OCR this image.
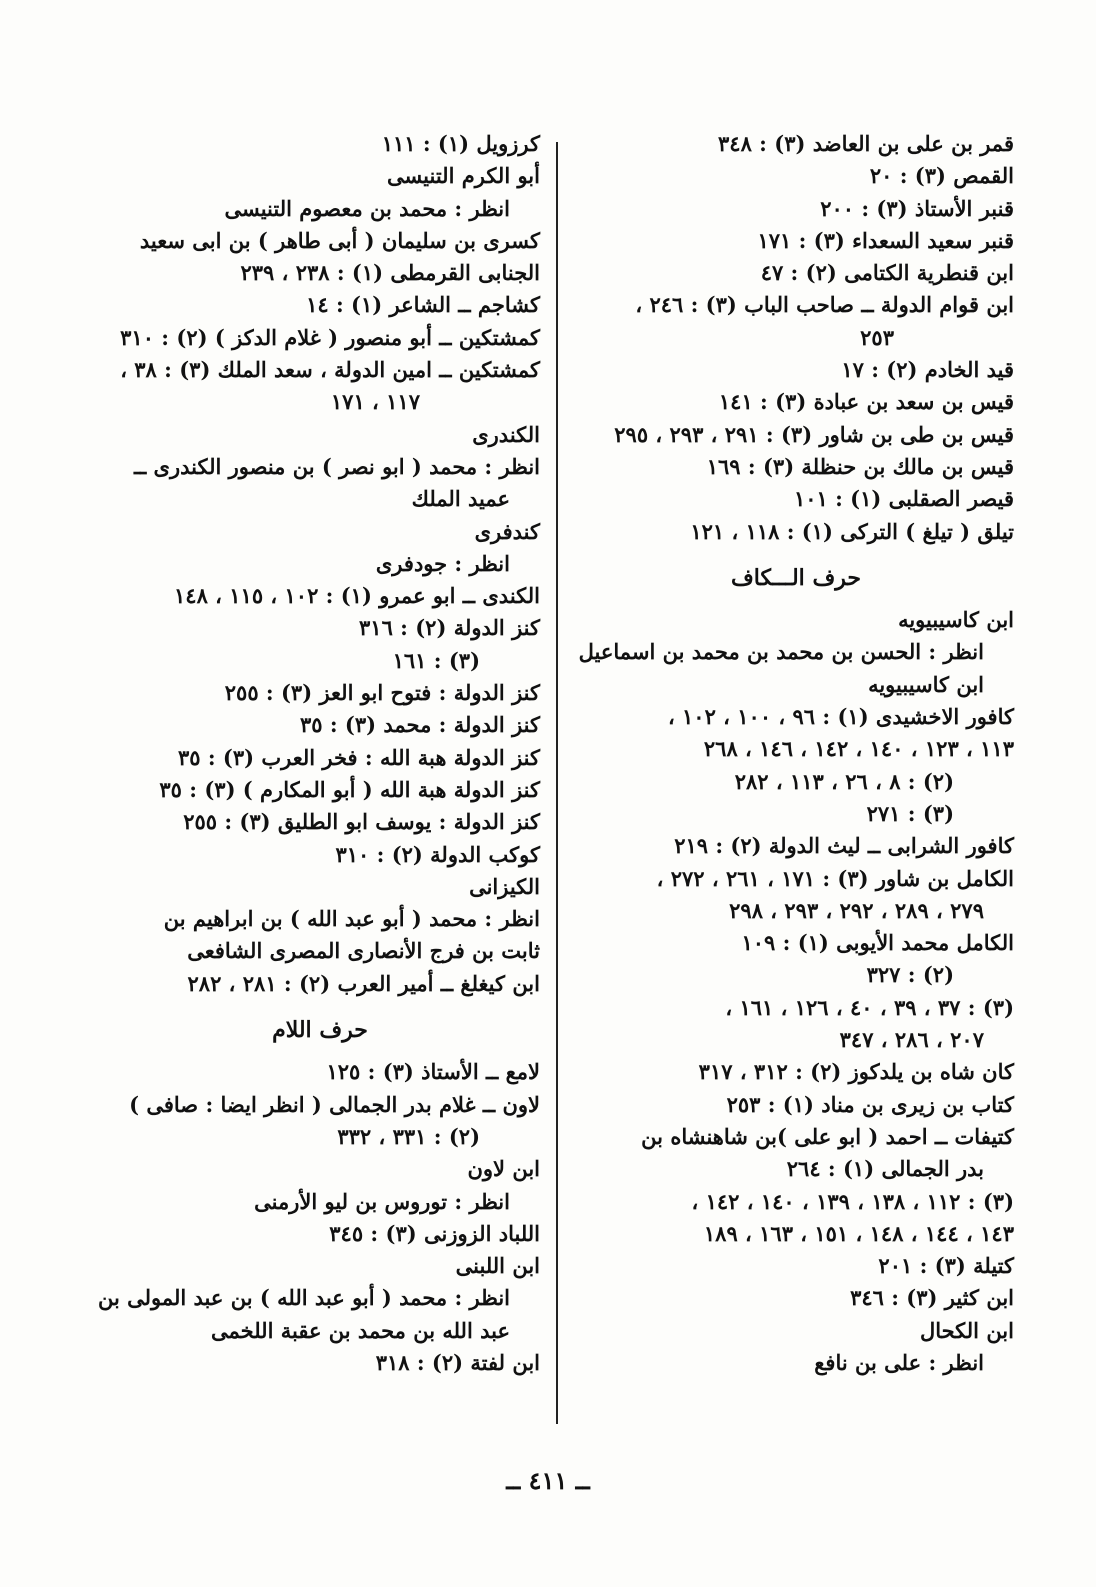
قمر بن على بن العاضد (٣) : ٣٤٨
القمص (٣) : ٢٠
قنبر الأستاذ (٣) : ٢٠٠
قنبر سعيد السعداء (٣) : ١٧١
ابن قنطرية الكتامى (٢) : ٤٧
ابن قوام الدولة ــ صاحب الباب (٣) : ٢٤٦ ،
٢٥٣
قيد الخادم (٢) : ١٧
قيس بن سعد بن عبادة (٣) : ١٤١
قيس بن طى بن شاور (٣) : ٢٩١ ، ٢٩٣ ، ٢٩٥
قيس بن مالك بن حنظلة (٣) : ١٦٩
قيصر الصقلبى (١) : ١٠١
تيلق ( تيلغ ) التركى (١) : ١١٨ ، ١٢١
حرف الـــكاف
ابن كاسيبيويه
انظر : الحسن بن محمد بن محمد بن اسماعيل
ابن كاسيبيويه
كافور الاخشيدى (١) : ٩٦ ، ١٠٠ ، ١٠٢ ،
١١٣ ، ١٢٣ ، ١٤٠ ، ١٤٢ ، ١٤٦ ، ٢٦٨
(٢) : ٨ ، ٢٦ ، ١١٣ ، ٢٨٢
(٣) : ٢٧١
كافور الشرابى ــ ليث الدولة (٢) : ٢١٩
الكامل بن شاور (٣) : ١٧١ ، ٢٦١ ، ٢٧٢ ،
٢٧٩ ، ٢٨٩ ، ٢٩٢ ، ٢٩٣ ، ٢٩٨
الكامل محمد الأيوبى (١) : ١٠٩
(٢) : ٣٢٧
(٣) : ٣٧ ، ٣٩ ، ٤٠ ، ١٢٦ ، ١٦١ ،
٢٠٧ ، ٢٨٦ ، ٣٤٧
كان شاه بن يلدكوز (٢) : ٣١٢ ، ٣١٧
كتاب بن زيرى بن مناد (١) : ٢٥٣
كتيفات ــ احمد ( ابو على )بن شاهنشاه بن
بدر الجمالى (١) : ٢٦٤
(٣) : ١١٢ ، ١٣٨ ، ١٣٩ ، ١٤٠ ، ١٤٢ ،
١٤٣ ، ١٤٤ ، ١٤٨ ، ١٥١ ، ١٦٣ ، ١٨٩
كتيلة (٣) : ٢٠١
ابن كثير (٣) : ٣٤٦
ابن الكحال
انظر : على بن نافع
كرزويل (١) : ١١١
أبو الكرم التنيسى
انظر : محمد بن معصوم التنيسى
كسرى بن سليمان ( أبى طاهر ) بن ابى سعيد
الجنابى القرمطى (١) : ٢٣٨ ، ٢٣٩
كشاجم ــ الشاعر (١) : ١٤
كمشتكين ــ أبو منصور ( غلام الدكز ) (٢) : ٣١٠
كمشتكين ــ امين الدولة ، سعد الملك (٣) : ٣٨ ،
١١٧ ، ١٧١
الكندرى
انظر : محمد ( ابو نصر ) بن منصور الكندرى ــ
عميد الملك
كندفرى
انظر : جودفرى
الكندى ــ ابو عمرو (١) : ١٠٢ ، ١١٥ ، ١٤٨
كنز الدولة (٢) : ٣١٦
(٣) : ١٦١
كنز الدولة : فتوح ابو العز (٣) : ٢٥٥
كنز الدولة : محمد (٣) : ٣٥
كنز الدولة هبة الله : فخر العرب (٣) : ٣٥
كنز الدولة هبة الله ( أبو المكارم ) (٣) : ٣٥
كنز الدولة : يوسف ابو الطليق (٣) : ٢٥٥
كوكب الدولة (٢) : ٣١٠
الكيزانى
انظر : محمد ( أبو عبد الله ) بن ابراهيم بن
ثابت بن فرج الأنصارى المصرى الشافعى
ابن كيغلغ ــ أمير العرب (٢) : ٢٨١ ، ٢٨٢
حرف اللام
لامع ــ الأستاذ (٣) : ١٢٥
لاون ــ غلام بدر الجمالى ( انظر ايضا : صافى )
(٢) : ٣٣١ ، ٣٣٢
ابن لاون
انظر : توروس بن ليو الأرمنى
اللباد الزوزنى (٣) : ٣٤٥
ابن اللبنى
انظر : محمد ( أبو عبد الله ) بن عبد المولى بن
عبد الله بن محمد بن عقبة اللخمى
ابن لفتة (٢) : ٣١٨
ــ ٤١١ ــ
